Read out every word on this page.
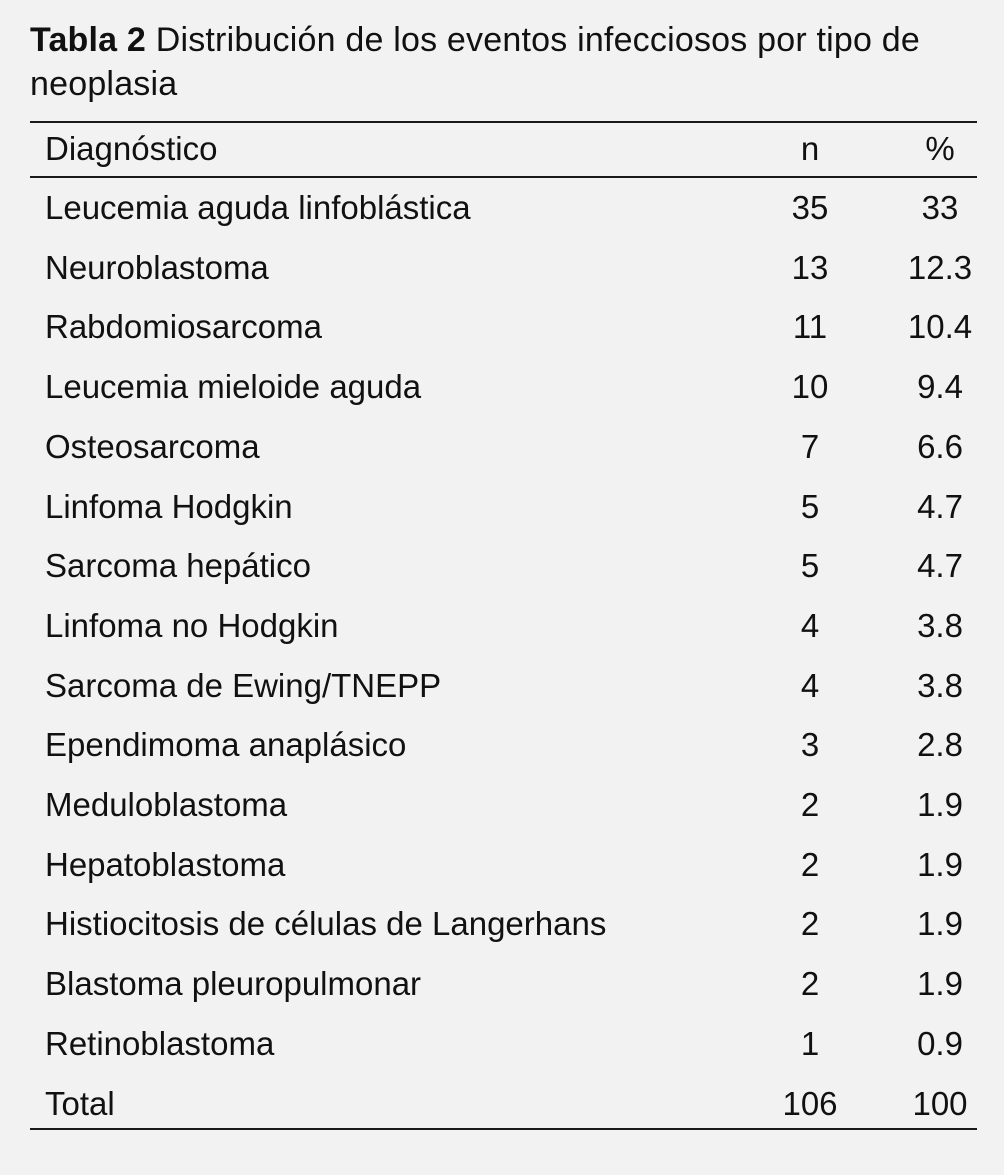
Tabla 2 Distribución de los eventos infecciosos por tipo de neoplasia
Diagnóstico	n	%
Leucemia aguda linfoblástica	35	33
Neuroblastoma	13	12.3
Rabdomiosarcoma	11	10.4
Leucemia mieloide aguda	10	9.4
Osteosarcoma	7	6.6
Linfoma Hodgkin	5	4.7
Sarcoma hepático	5	4.7
Linfoma no Hodgkin	4	3.8
Sarcoma de Ewing/TNEPP	4	3.8
Ependimoma anaplásico	3	2.8
Meduloblastoma	2	1.9
Hepatoblastoma	2	1.9
Histiocitosis de células de Langerhans	2	1.9
Blastoma pleuropulmonar	2	1.9
Retinoblastoma	1	0.9
Total	106	100
